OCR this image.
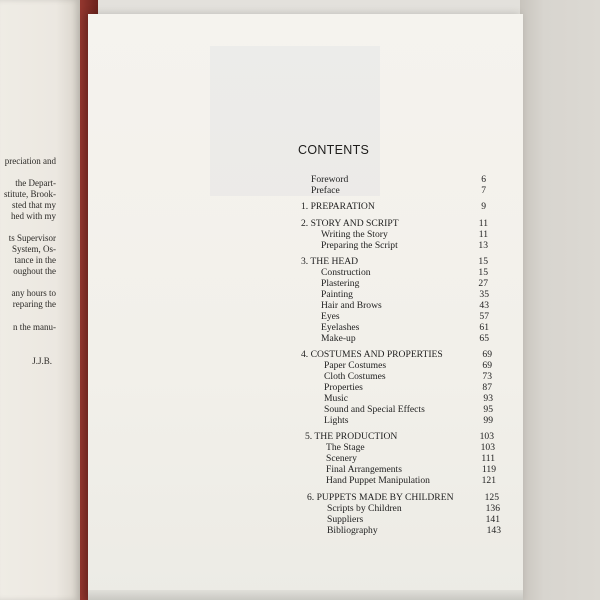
preciation and
the Depart-
stitute, Brook-
sted that my
hed with my
ts Supervisor
System, Os-
tance in the
oughout the
any hours to
reparing the
n the manu-
J.J.B.
CONTENTS
Foreword	6
Preface	7
1. PREPARATION	9
2. STORY AND SCRIPT	11
Writing the Story	11
Preparing the Script	13
3. THE HEAD	15
Construction	15
Plastering	27
Painting	35
Hair and Brows	43
Eyes	57
Eyelashes	61
Make-up	65
4. COSTUMES AND PROPERTIES	69
Paper Costumes	69
Cloth Costumes	73
Properties	87
Music	93
Sound and Special Effects	95
Lights	99
5. THE PRODUCTION	103
The Stage	103
Scenery	111
Final Arrangements	119
Hand Puppet Manipulation	121
6. PUPPETS MADE BY CHILDREN	125
Scripts by Children	136
Suppliers	141
Bibliography	143
